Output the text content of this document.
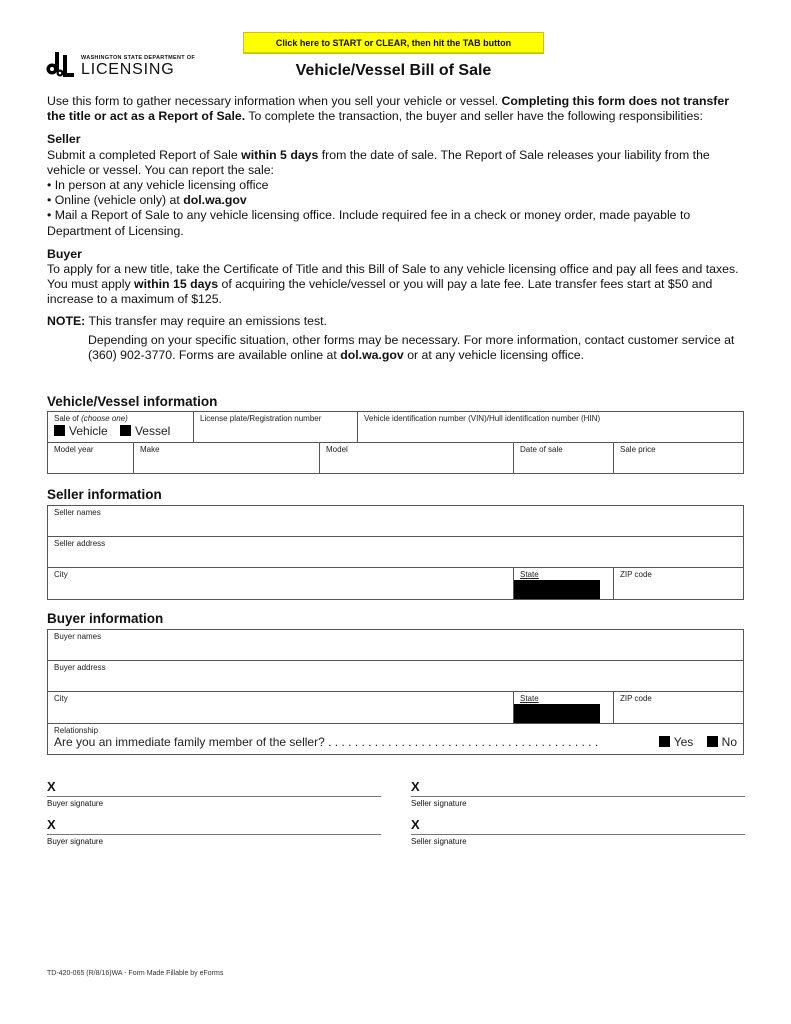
Click here to START or CLEAR, then hit the TAB button
WASHINGTON STATE DEPARTMENT OF
LICENSING	Vehicle/Vessel Bill of Sale

Use this form to gather necessary information when you sell your vehicle or vessel. Completing this form does not transfer the title or act as a Report of Sale. To complete the transaction, the buyer and seller have the following responsibilities:

Seller

Submit a completed Report of Sale within 5 days from the date of sale. The Report of Sale releases your liability from the vehicle or vessel. You can report the sale:

• In person at any vehicle licensing office

• Online (vehicle only) at dol.wa.gov

• Mail a Report of Sale to any vehicle licensing office. Include required fee in a check or money order, made payable to Department of Licensing.

Buyer

To apply for a new title, take the Certificate of Title and this Bill of Sale to any vehicle licensing office and pay all fees and taxes. You must apply within 15 days of acquiring the vehicle/vessel or you will pay a late fee. Late transfer fees start at $50 and increase to a maximum of $125.

NOTE: This transfer may require an emissions test.

Depending on your specific situation, other forms may be necessary. For more information, contact customer service at (360) 902-3770. Forms are available online at dol.wa.gov or at any vehicle licensing office.

Vehicle/Vessel information
Sale of (choose one)
Vehicle Vessel
	License plate/Registration number	Vehicle identification number (VIN)/Hull identification number (HIN)
Model year	Make	Model	Date of sale	Sale price
Seller information
Seller names
Seller address
City	State	ZIP code
Buyer information
Buyer names
Buyer address
City	State	ZIP code

Relationship
Are you an immediate family member of the seller? . . . . . . . . . . . . . . . . . . . . . . . . . . . . . . . . . . . . . . . . .	Yes No
X
Buyer signature
X
Seller signature
X
Buyer signature
X
Seller signature
TD-420-065 (R/8/16)WA - Form Made Fillable by eForms
